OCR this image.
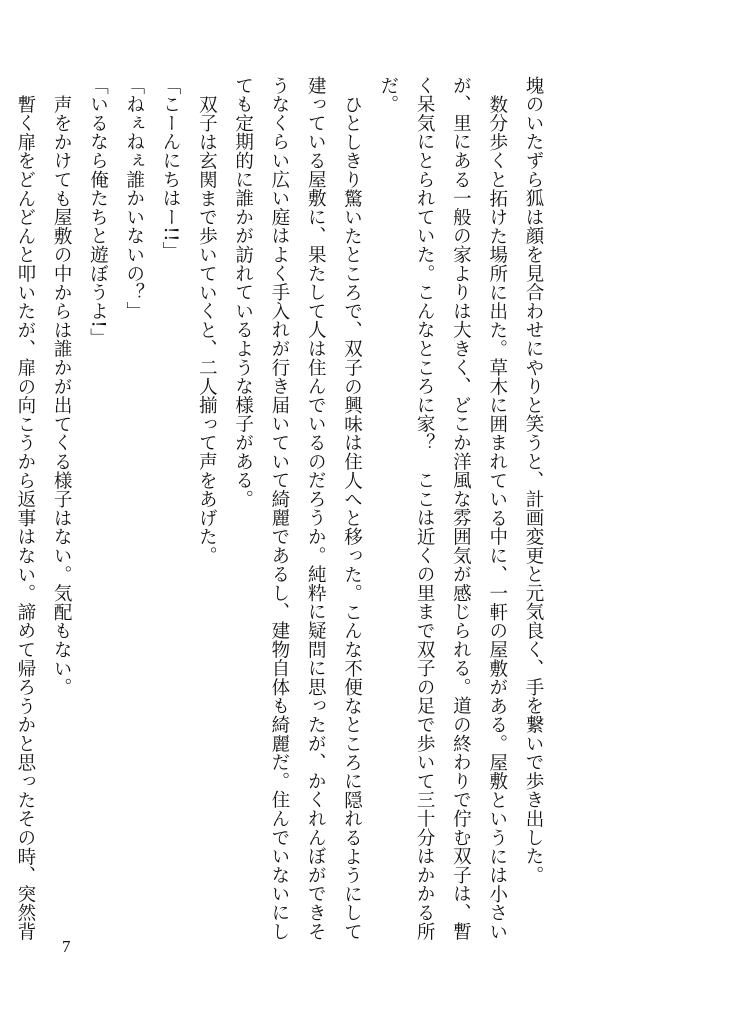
塊のいたずら狐は顔を見合わせにやりと笑うと、計画変更と元気良く、手を繋いで歩き出した。

数分歩くと拓けた場所に出た。草木に囲まれている中に、一軒の屋敷がある。屋敷というには小さいが、里にある一般の家よりは大きく、どこか洋風な雰囲気が感じられる。道の終わりで佇む双子は、暫く呆気にとられていた。こんなところに家？　ここは近くの里まで双子の足で歩いて三十分はかかる所だ。

ひとしきり驚いたところで、双子の興味は住人へと移った。こんな不便なところに隠れるようにして建っている屋敷に、果たして人は住んでいるのだろうか。純粋に疑問に思ったが、かくれんぼができそうなくらい広い庭はよく手入れが行き届いていて綺麗であるし、建物自体も綺麗だ。住んでいないにしても定期的に誰かが訪れているような様子がある。

双子は玄関まで歩いていくと、二人揃って声をあげた。

「こーんにちはー!!」

「ねぇねぇ誰かいないの？」

「いるなら俺たちと遊ぼうよ!」

声をかけても屋敷の中からは誰かが出てくる様子はない。気配もない。

暫く扉をどんどんと叩いたが、扉の向こうから返事はない。諦めて帰ろうかと思ったその時、突然背

7
